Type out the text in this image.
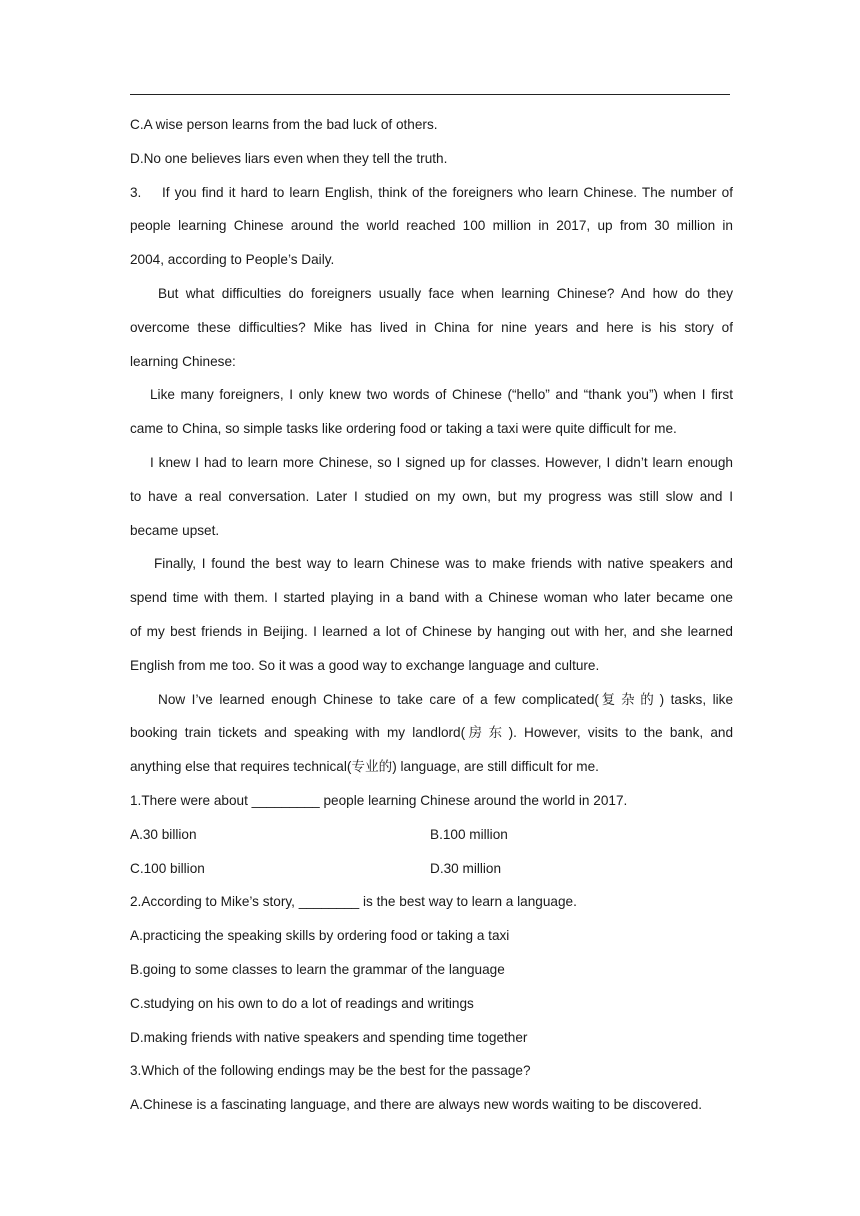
C.A wise person learns from the bad luck of others.
D.No one believes liars even when they tell the truth.
3. If you find it hard to learn English, think of the foreigners who learn Chinese. The number of
people learning Chinese around the world reached 100 million in 2017, up from 30 million in
2004, according to People’s Daily.
But what difficulties do foreigners usually face when learning Chinese? And how do they
overcome these difficulties? Mike has lived in China for nine years and here is his story of
learning Chinese:
Like many foreigners, I only knew two words of Chinese (“hello” and “thank you”) when I first
came to China, so simple tasks like ordering food or taking a taxi were quite difficult for me.
I knew I had to learn more Chinese, so I signed up for classes. However, I didn’t learn enough
to have a real conversation. Later I studied on my own, but my progress was still slow and I
became upset.
Finally, I found the best way to learn Chinese was to make friends with native speakers and
spend time with them. I started playing in a band with a Chinese woman who later became one
of my best friends in Beijing. I learned a lot of Chinese by hanging out with her, and she learned
English from me too. So it was a good way to exchange language and culture.
Now I’ve learned enough Chinese to take care of a few complicated(复杂的) tasks, like
booking train tickets and speaking with my landlord(房东). However, visits to the bank, and
anything else that requires technical(专业的) language, are still difficult for me.
1.There were about _________ people learning Chinese around the world in 2017.
A.30 billion	B.100 million
C.100 billion	D.30 million
2.According to Mike’s story, ________ is the best way to learn a language.
A.practicing the speaking skills by ordering food or taking a taxi
B.going to some classes to learn the grammar of the language
C.studying on his own to do a lot of readings and writings
D.making friends with native speakers and spending time together
3.Which of the following endings may be the best for the passage?
A.Chinese is a fascinating language, and there are always new words waiting to be discovered.
